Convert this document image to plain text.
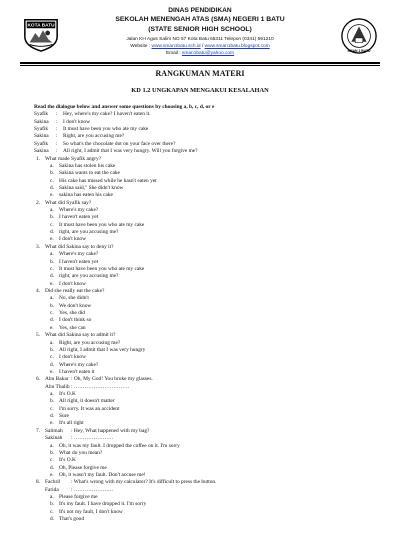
KOTA BATU
SMAN 1 BATU
DINAS PENDIDIKAN
SEKOLAH MENENGAH ATAS (SMA) NEGERI 1 BATU
(STATE SENIOR HIGH SCHOOL)
Jalan KH Agus Salim NO 57 Kota Batu 65311 Telepon (0341) 591210
Website : www.sman1batu.sch.id / www.sman1batu.blogspot.com
Email : sman1batu@yahoo.com
RANGKUMAN MATERI
KD 1.2 UNGKAPAN MENGAKUI KESALAHAN
Read the dialogue below and answer some questions by choosing a, b, c, d, or e
Syafik : Hey, where's my cake? I haven't eaten it.
Sakina : I don't know
Syafik : It must have been you who ate my cake
Sakina : Right, are you accusing me?
Syafik : So what's the chocolate dot on your face over there?
Sakina : All right, I admit that I was very hungry. Will you forgive me?
1. What made Syafik angry?
a. Sakina has stolen his cake
b. Sakina wants to eat the cake
c. His cake has missed while he hasn't eaten yet
d. Sakina said," She didn't know
e. sakina has eaten his cake
2. What did Syafik say?
a. Where's my cake?
b. I haven't eaten yet
c. It must have been you who ate my cake
d. right, are you accusing me?
e. I don't know
3. What did Sakina say to deny it?
a. Where's my cake?
b. I haven't eaten yet
c. It must have been you who ate my cake
d. right, are you accusing me?
e. I don't know
4. Did she really eat the cake?
a. No, she didn't
b. We don't know
c. Yes, she did
d. I don't think so
e. Yes, she can
5. What did Sakina say to admit it?
a. Right, are you accusing me?
b. All right, I admit that I was very hungry
c. I don't know
d. Where's my cake?
e. I haven't eaten it
6. Abu Bakar : Oh, My God! You broke my glasses.
Abu Thalib: ………………………….
a. It's O.K
b. All right, it doesn't matter
c. I'm sorry. It was an accident
d. Sure
e. It's all right
7. Salimah : Hey, What happened with my bag?
Sakinah : ………………….
a. Oh, it was my fault. I dropped the coffee on it. I'm sorry
b. What do you mean?
c. It's O.K
d. Oh, Please forgive me
e. Oh, it wasn't my fault. Don't accuse me!
8. Fachril : What's wrong with my calculator? It's difficult to press the button.
Farida : ………………….
a. Please forgive me
b. It's my fault. I have dropped it. I'm sorry
c. It's not my fault, I don't know
d. That's good
